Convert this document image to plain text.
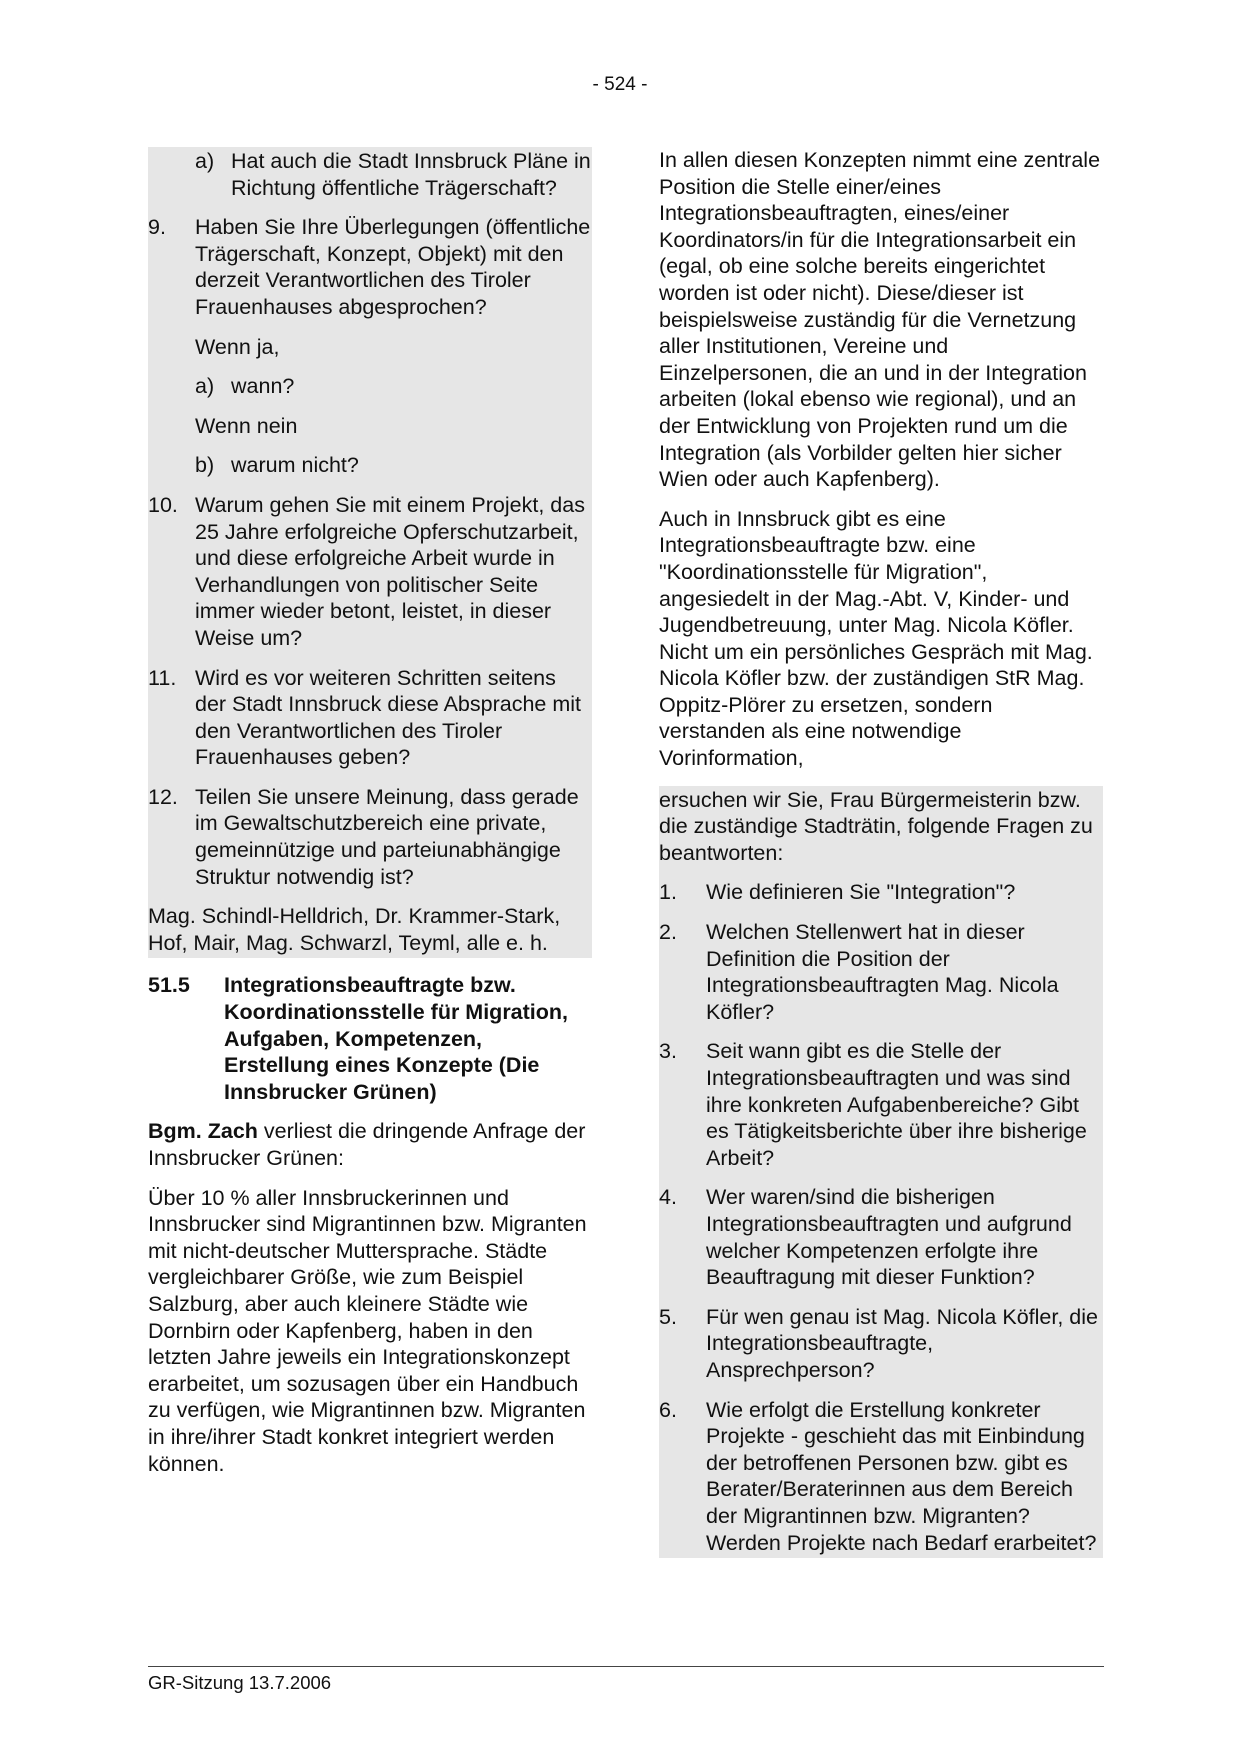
- 524 -
a) Hat auch die Stadt Innsbruck Pläne in Richtung öffentliche Trägerschaft?
9. Haben Sie Ihre Überlegungen (öffentliche Trägerschaft, Konzept, Objekt) mit den derzeit Verantwortlichen des Tiroler Frauenhauses abgesprochen?
Wenn ja,
a) wann?
Wenn nein
b) warum nicht?
10. Warum gehen Sie mit einem Projekt, das 25 Jahre erfolgreiche Opferschutzarbeit, und diese erfolgreiche Arbeit wurde in Verhandlungen von politischer Seite immer wieder betont, leistet, in dieser Weise um?
11. Wird es vor weiteren Schritten seitens der Stadt Innsbruck diese Absprache mit den Verantwortlichen des Tiroler Frauenhauses geben?
12. Teilen Sie unsere Meinung, dass gerade im Gewaltschutzbereich eine private, gemeinnützige und parteiunabhängige Struktur notwendig ist?

Mag. Schindl-Helldrich, Dr. Krammer-Stark, Hof, Mair, Mag. Schwarzl, Teyml, alle e. h.

51.5 Integrationsbeauftragte bzw. Koordinationsstelle für Migration, Aufgaben, Kompetenzen, Erstellung eines Konzepte (Die Innsbrucker Grünen)

Bgm. Zach verliest die dringende Anfrage der Innsbrucker Grünen:

Über 10 % aller Innsbruckerinnen und Innsbrucker sind Migrantinnen bzw. Migranten mit nicht-deutscher Muttersprache. Städte vergleichbarer Größe, wie zum Beispiel Salzburg, aber auch kleinere Städte wie Dornbirn oder Kapfenberg, haben in den letzten Jahre jeweils ein Integrationskonzept erarbeitet, um sozusagen über ein Handbuch zu verfügen, wie Migrantinnen bzw. Migranten in ihre/ihrer Stadt konkret integriert werden können.

In allen diesen Konzepten nimmt eine zentrale Position die Stelle einer/eines Integrationsbeauftragten, eines/einer Koordinators/in für die Integrationsarbeit ein (egal, ob eine solche bereits eingerichtet worden ist oder nicht). Diese/dieser ist beispielsweise zuständig für die Vernetzung aller Institutionen, Vereine und Einzelpersonen, die an und in der Integration arbeiten (lokal ebenso wie regional), und an der Entwicklung von Projekten rund um die Integration (als Vorbilder gelten hier sicher Wien oder auch Kapfenberg).

Auch in Innsbruck gibt es eine Integrationsbeauftragte bzw. eine "Koordinationsstelle für Migration", angesiedelt in der Mag.-Abt. V, Kinder- und Jugendbetreuung, unter Mag. Nicola Köfler. Nicht um ein persönliches Gespräch mit Mag. Nicola Köfler bzw. der zuständigen StR Mag. Oppitz-Plörer zu ersetzen, sondern verstanden als eine notwendige Vorinformation,

ersuchen wir Sie, Frau Bürgermeisterin bzw. die zuständige Stadträtin, folgende Fragen zu beantworten:

1. Wie definieren Sie "Integration"?
2. Welchen Stellenwert hat in dieser Definition die Position der Integrationsbeauftragten Mag. Nicola Köfler?
3. Seit wann gibt es die Stelle der Integrationsbeauftragten und was sind ihre konkreten Aufgabenbereiche? Gibt es Tätigkeitsberichte über ihre bisherige Arbeit?
4. Wer waren/sind die bisherigen Integrationsbeauftragten und aufgrund welcher Kompetenzen erfolgte ihre Beauftragung mit dieser Funktion?
5. Für wen genau ist Mag. Nicola Köfler, die Integrationsbeauftragte, Ansprechperson?
6. Wie erfolgt die Erstellung konkreter Projekte - geschieht das mit Einbindung der betroffenen Personen bzw. gibt es Berater/Beraterinnen aus dem Bereich der Migrantinnen bzw. Migranten? Werden Projekte nach Bedarf erarbeitet?
GR-Sitzung 13.7.2006
